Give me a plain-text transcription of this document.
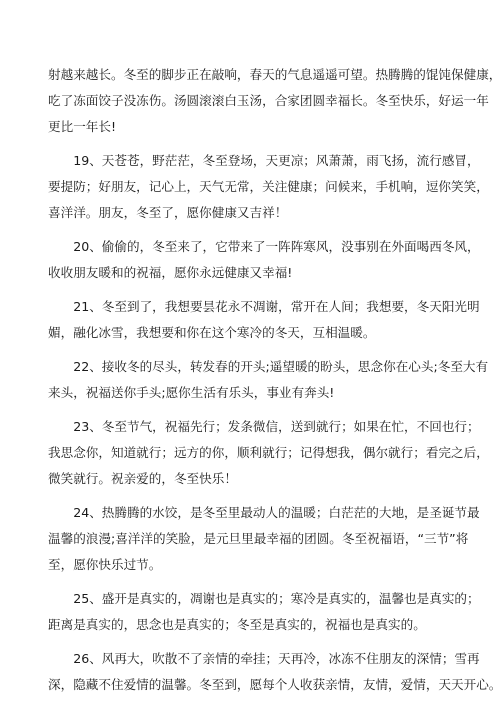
射越来越长。冬至的脚步正在敲响，春天的气息遥遥可望。热腾腾的馄饨保健康，
吃了冻面饺子没冻伤。汤圆滚滚白玉汤，合家团圆幸福长。冬至快乐，好运一年
更比一年长!

19、天苍苍，野茫茫，冬至登场，天更凉；风萧萧，雨飞扬，流行感冒，
要提防；好朋友，记心上，天气无常，关注健康；问候来，手机响，逗你笑笑，
喜洋洋。朋友，冬至了，愿你健康又吉祥！

20、偷偷的，冬至来了，它带来了一阵阵寒风，没事别在外面喝西冬风，
收收朋友暖和的祝福，愿你永远健康又幸福!

21、冬至到了，我想要昙花永不凋谢，常开在人间；我想要，冬天阳光明
媚，融化冰雪，我想要和你在这个寒冷的冬天，互相温暖。

22、接收冬的尽头，转发春的开头;遥望暖的盼头，思念你在心头;冬至大有
来头，祝福送你手头;愿你生活有乐头，事业有奔头!

23、冬至节气，祝福先行；发条微信，送到就行；如果在忙，不回也行；
我思念你，知道就行；远方的你，顺利就行；记得想我，偶尔就行；看完之后，
微笑就行。祝亲爱的，冬至快乐！

24、热腾腾的水饺，是冬至里最动人的温暖；白茫茫的大地，是圣诞节最
温馨的浪漫;喜洋洋的笑脸，是元旦里最幸福的团圆。冬至祝福语，“三节”将
至，愿你快乐过节。

25、盛开是真实的，凋谢也是真实的；寒冷是真实的，温馨也是真实的；
距离是真实的，思念也是真实的；冬至是真实的，祝福也是真实的。

26、风再大，吹散不了亲情的牵挂；天再冷，冰冻不住朋友的深情；雪再
深，隐藏不住爱情的温馨。冬至到，愿每个人收获亲情，友情，爱情，天天开心。
